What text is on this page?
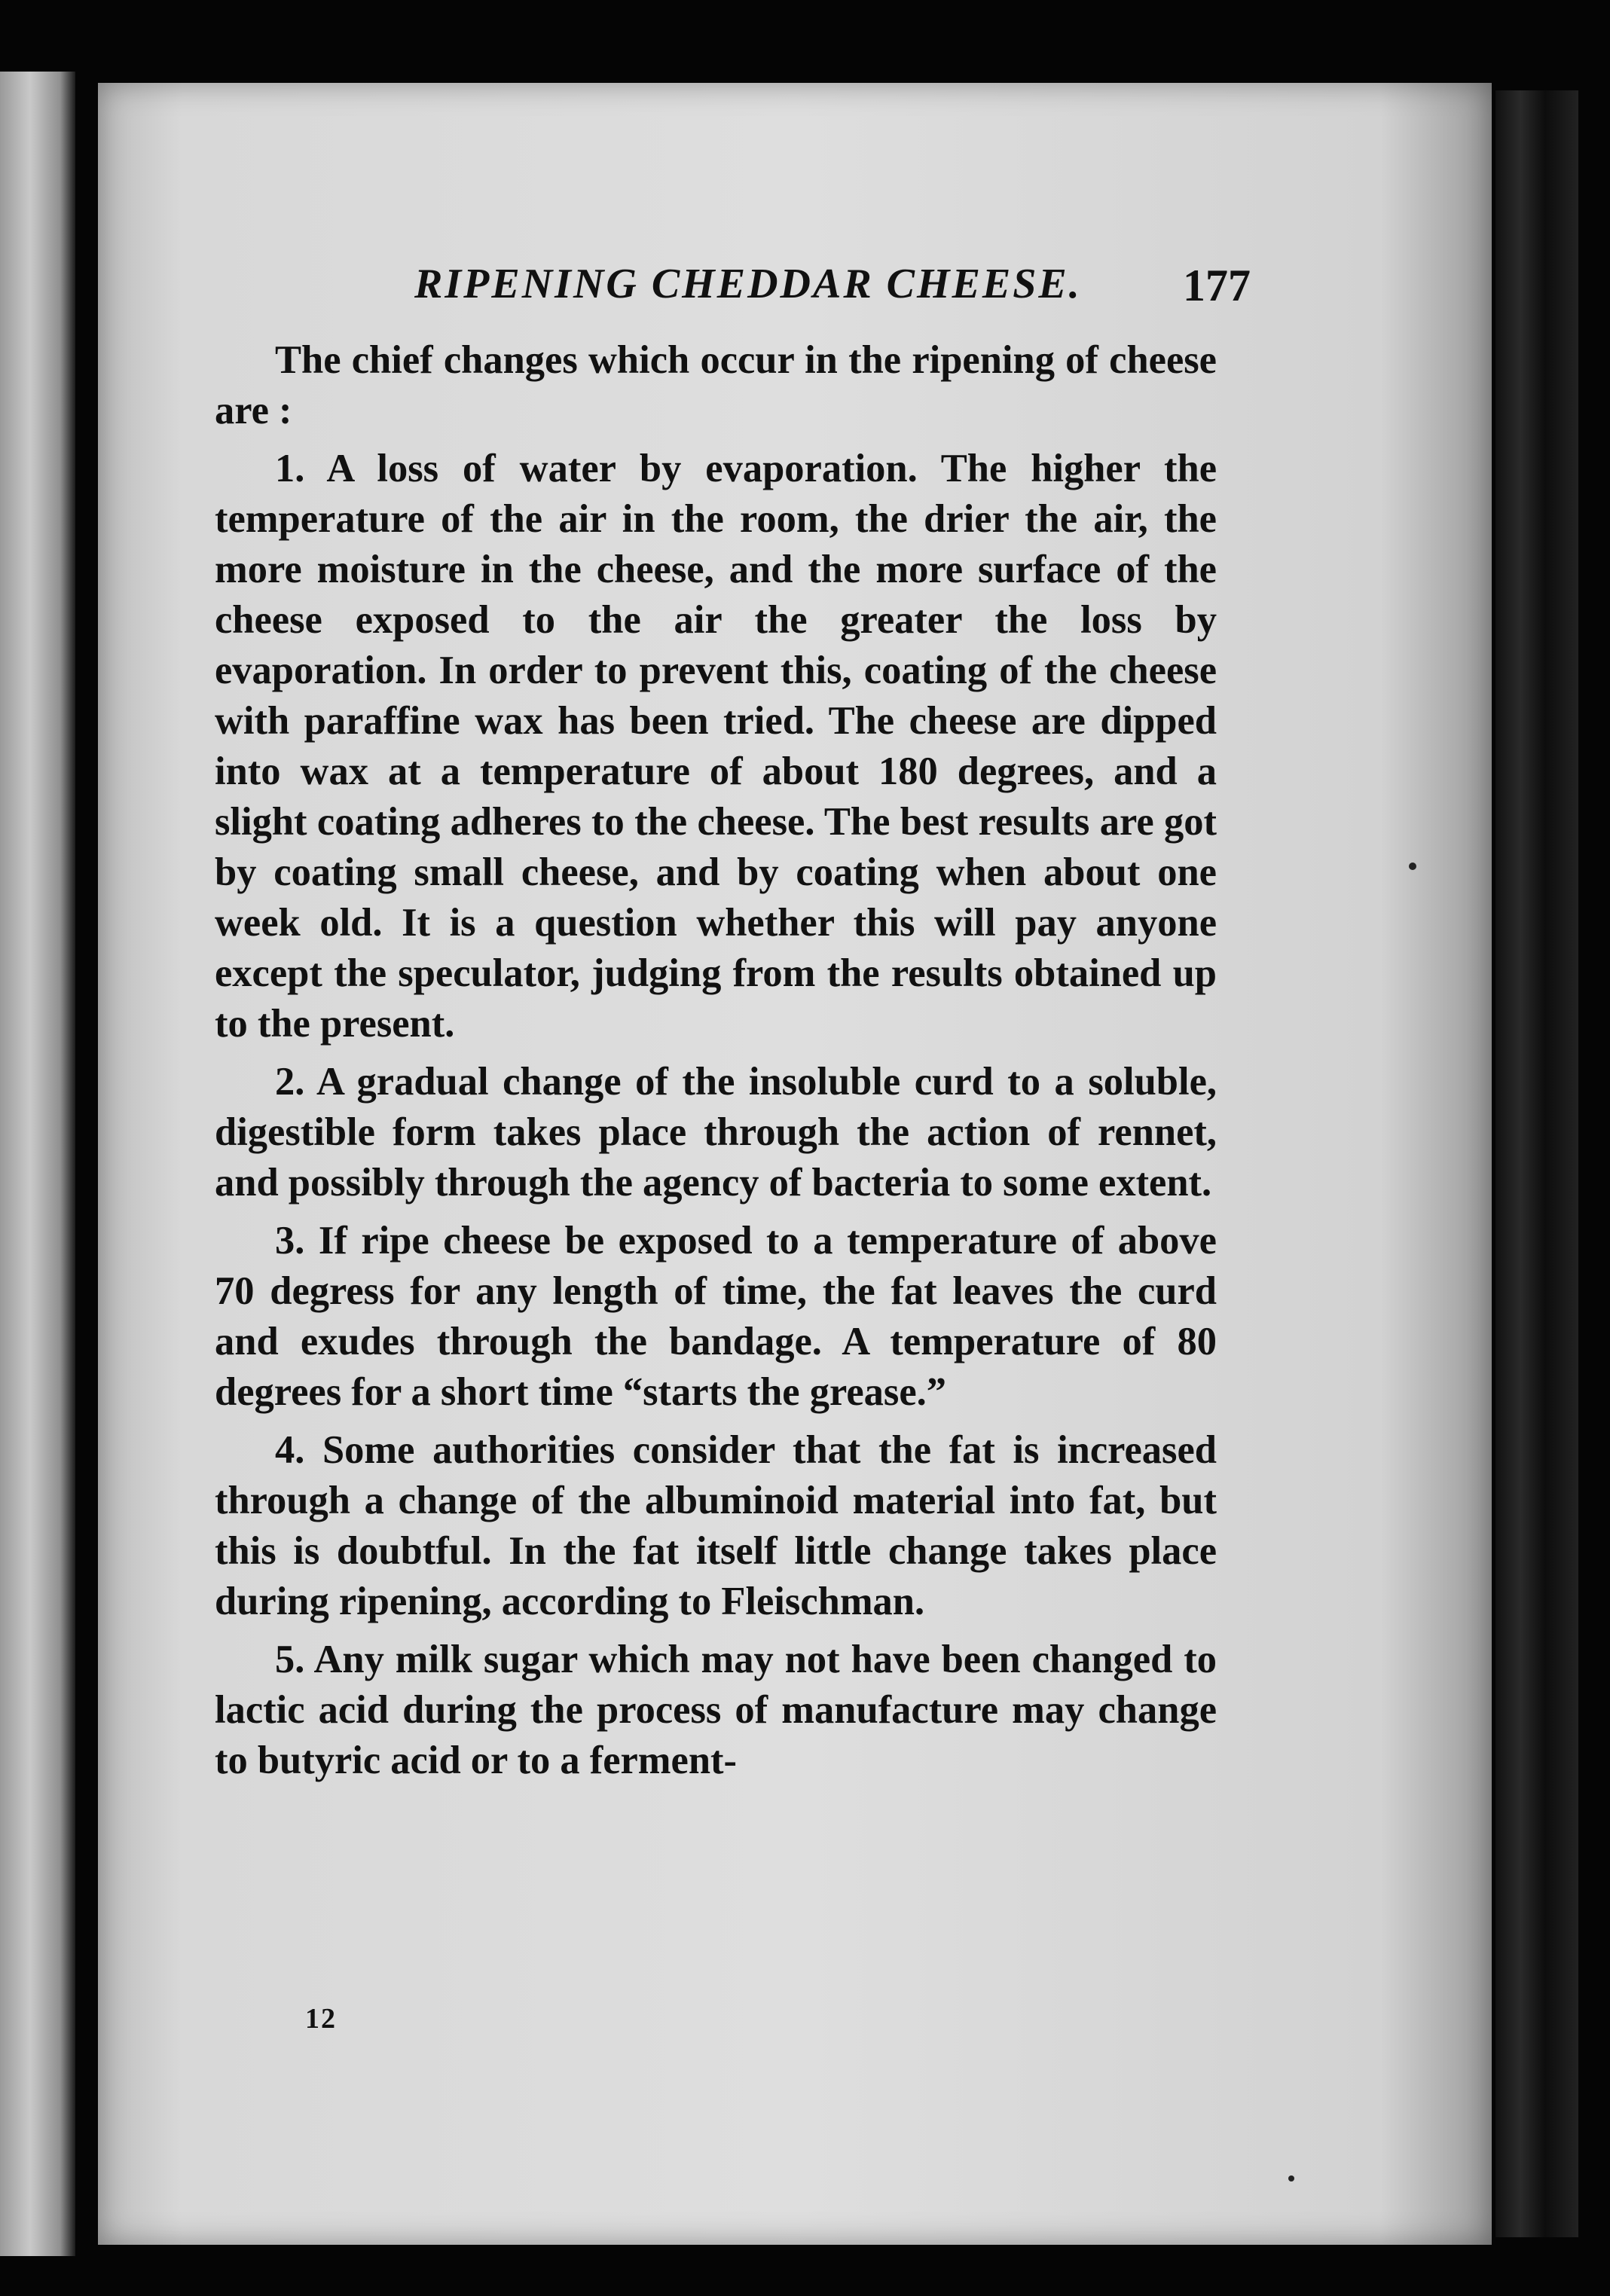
RIPENING CHEDDAR CHEESE. 177

The chief changes which occur in the ripening of cheese are :

1. A loss of water by evaporation. The higher the temperature of the air in the room, the drier the air, the more moisture in the cheese, and the more surface of the cheese exposed to the air the greater the loss by evaporation. In order to prevent this, coating of the cheese with paraffine wax has been tried. The cheese are dipped into wax at a temperature of about 180 degrees, and a slight coating adheres to the cheese. The best results are got by coating small cheese, and by coating when about one week old. It is a question whether this will pay anyone except the speculator, judging from the results obtained up to the present.

2. A gradual change of the insoluble curd to a soluble, digestible form takes place through the action of rennet, and possibly through the agency of bacteria to some extent.

3. If ripe cheese be exposed to a temperature of above 70 degress for any length of time, the fat leaves the curd and exudes through the bandage. A temperature of 80 degrees for a short time “starts the grease.”

4. Some authorities consider that the fat is increased through a change of the albuminoid material into fat, but this is doubtful. In the fat itself little change takes place during ripening, according to Fleischman.

5. Any milk sugar which may not have been changed to lactic acid during the process of manufacture may change to butyric acid or to a ferment-

12
